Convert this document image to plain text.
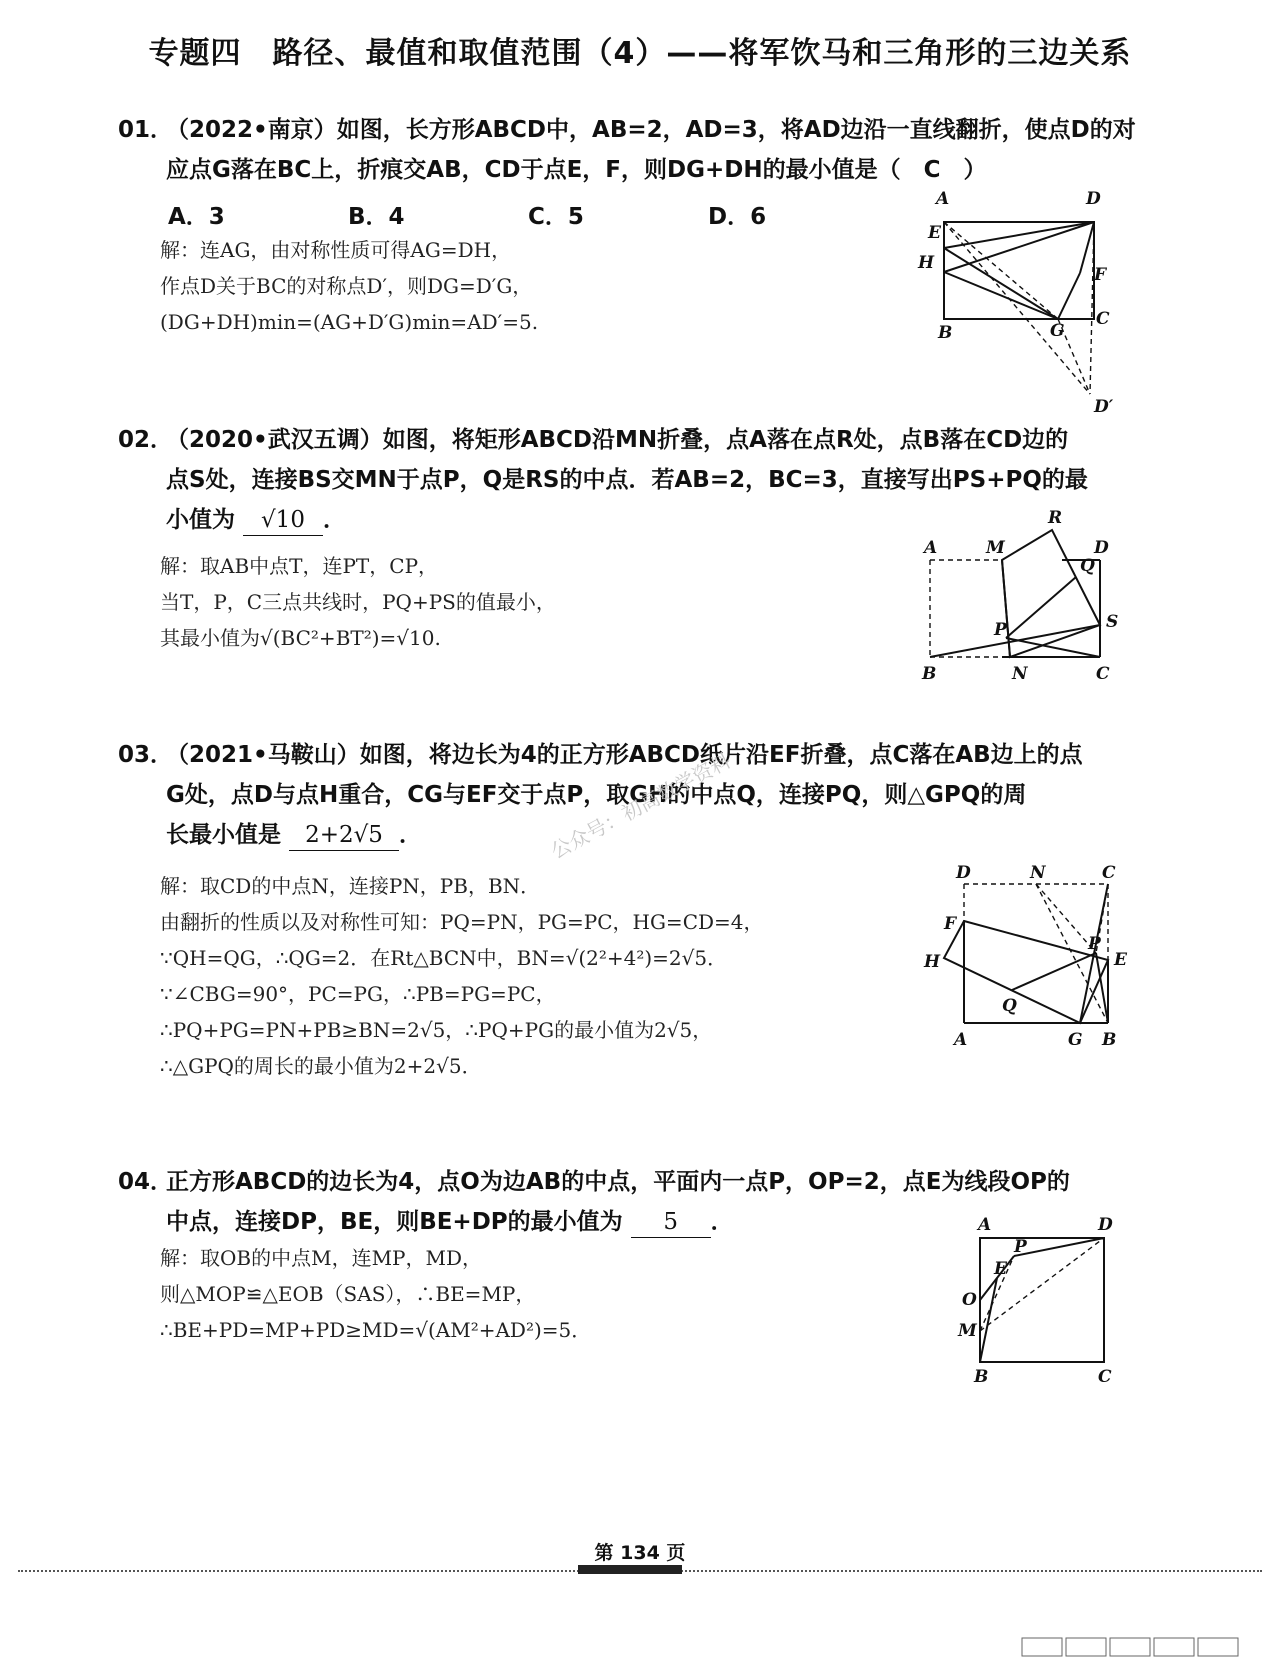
专题四　路径、最值和取值范围（4）——将军饮马和三角形的三边关系
01．（2022•南京）如图，长方形ABCD中，AB=2，AD=3，将AD边沿一直线翻折，使点D的对
应点G落在BC上，折痕交AB，CD于点E，F，则DG+DH的最小值是（　C　）
A．3	B．4	C．5	D．6
解：连AG，由对称性质可得AG=DH，
作点D关于BC的对称点D′，则DG=D′G，
(DG+DH)min=(AG+D′G)min=AD′=5.
A	D
E
H
F
B	G
C
D′
02．（2020•武汉五调）如图，将矩形ABCD沿MN折叠，点A落在点R处，点B落在CD边的
点S处，连接BS交MN于点P，Q是RS的中点．若AB=2，BC=3，直接写出PS+PQ的最
小值为 √10 ．
解：取AB中点T，连PT，CP，
当T，P，C三点共线时，PQ+PS的值最小，
其最小值为√(BC²+BT²)=√10.
A	M
R
D
Q
S
P
B	N	C
03．（2021•马鞍山）如图，将边长为4的正方形ABCD纸片沿EF折叠，点C落在AB边上的点
G处，点D与点H重合，CG与EF交于点P，取GH的中点Q，连接PQ，则△GPQ的周
长最小值是 2+2√5 ．	公众号：初高数学资料
解：取CD的中点N，连接PN，PB，BN．
由翻折的性质以及对称性可知：PQ=PN，PG=PC，HG=CD=4，
∵QH=QG，∴QG=2．在Rt△BCN中，BN=√(2²+4²)=2√5．
∵∠CBG=90°，PC=PG，∴PB=PG=PC，
∴PQ+PG=PN+PB≥BN=2√5，∴PQ+PG的最小值为2√5，
∴△GPQ的周长的最小值为2+2√5．
D	N	C
F
P
E
H
Q
A	G B
04．正方形ABCD的边长为4，点O为边AB的中点，平面内一点P，OP=2，点E为线段OP的
中点，连接DP，BE，则BE+DP的最小值为 5 ．
解：取OB的中点M，连MP，MD，
则△MOP≌△EOB（SAS），∴BE=MP，
∴BE+PD=MP+PD≥MD=√(AM²+AD²)=5．
A	D
P
E
O
M
B	C
第 134 页
